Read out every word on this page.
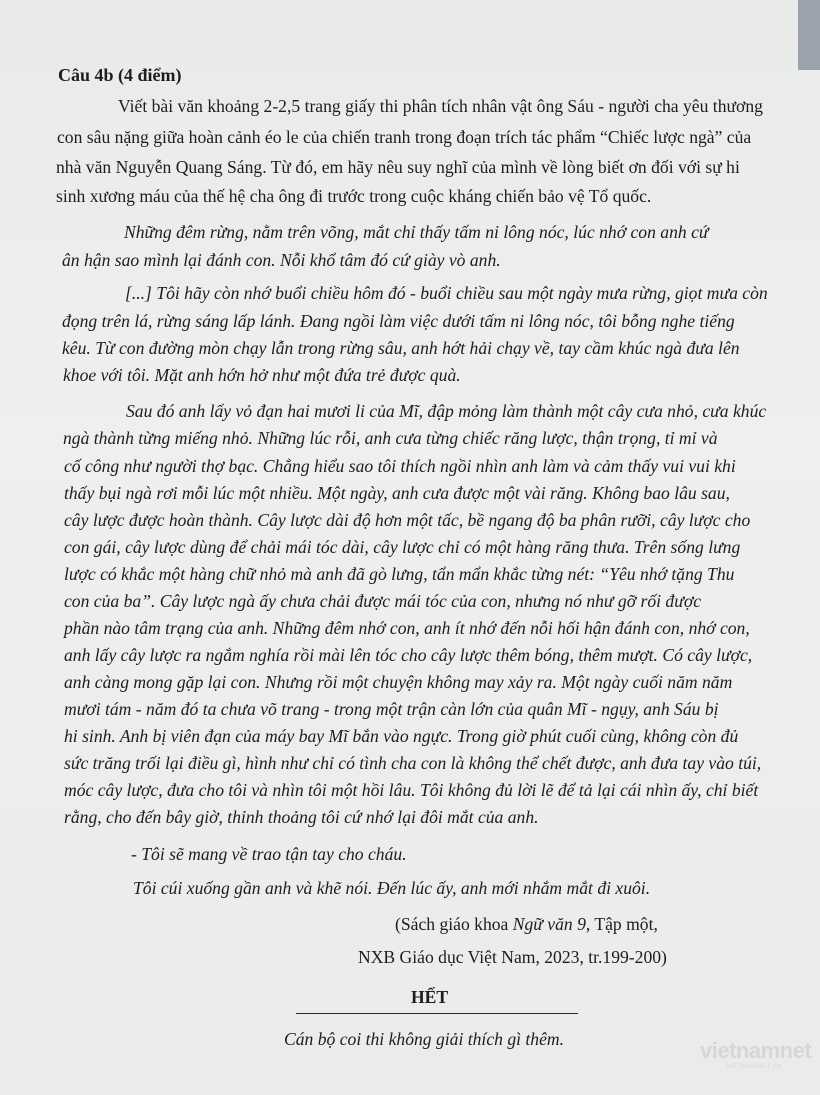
Câu 4b (4 điểm)
Viết bài văn khoảng 2-2,5 trang giấy thi phân tích nhân vật ông Sáu - người cha yêu thương
con sâu nặng giữa hoàn cảnh éo le của chiến tranh trong đoạn trích tác phẩm “Chiếc lược ngà” của
nhà văn Nguyễn Quang Sáng. Từ đó, em hãy nêu suy nghĩ của mình về lòng biết ơn đối với sự hi
sinh xương máu của thế hệ cha ông đi trước trong cuộc kháng chiến bảo vệ Tổ quốc.
Những đêm rừng, nằm trên võng, mắt chỉ thấy tấm ni lông nóc, lúc nhớ con anh cứ
ân hận sao mình lại đánh con. Nỗi khổ tâm đó cứ giày vò anh.
[...] Tôi hãy còn nhớ buổi chiều hôm đó - buổi chiều sau một ngày mưa rừng, giọt mưa còn
đọng trên lá, rừng sáng lấp lánh. Đang ngồi làm việc dưới tấm ni lông nóc, tôi bỗng nghe tiếng
kêu. Từ con đường mòn chạy lẫn trong rừng sâu, anh hớt hải chạy về, tay cầm khúc ngà đưa lên
khoe với tôi. Mặt anh hớn hở như một đứa trẻ được quà.
Sau đó anh lấy vỏ đạn hai mươi li của Mĩ, đập mỏng làm thành một cây cưa nhỏ, cưa khúc
ngà thành từng miếng nhỏ. Những lúc rỗi, anh cưa từng chiếc răng lược, thận trọng, tỉ mỉ và
cố công như người thợ bạc. Chẳng hiểu sao tôi thích ngồi nhìn anh làm và cảm thấy vui vui khi
thấy bụi ngà rơi mỗi lúc một nhiều. Một ngày, anh cưa được một vài răng. Không bao lâu sau,
cây lược được hoàn thành. Cây lược dài độ hơn một tấc, bề ngang độ ba phân rưỡi, cây lược cho
con gái, cây lược dùng để chải mái tóc dài, cây lược chỉ có một hàng răng thưa. Trên sống lưng
lược có khắc một hàng chữ nhỏ mà anh đã gò lưng, tẩn mẩn khắc từng nét: “Yêu nhớ tặng Thu
con của ba”. Cây lược ngà ấy chưa chải được mái tóc của con, nhưng nó như gỡ rối được
phần nào tâm trạng của anh. Những đêm nhớ con, anh ít nhớ đến nỗi hối hận đánh con, nhớ con,
anh lấy cây lược ra ngắm nghía rồi mài lên tóc cho cây lược thêm bóng, thêm mượt. Có cây lược,
anh càng mong gặp lại con. Nhưng rồi một chuyện không may xảy ra. Một ngày cuối năm năm
mươi tám - năm đó ta chưa võ trang - trong một trận càn lớn của quân Mĩ - ngụy, anh Sáu bị
hi sinh. Anh bị viên đạn của máy bay Mĩ bắn vào ngực. Trong giờ phút cuối cùng, không còn đủ
sức trăng trối lại điều gì, hình như chỉ có tình cha con là không thể chết được, anh đưa tay vào túi,
móc cây lược, đưa cho tôi và nhìn tôi một hồi lâu. Tôi không đủ lời lẽ để tả lại cái nhìn ấy, chỉ biết
rằng, cho đến bây giờ, thỉnh thoảng tôi cứ nhớ lại đôi mắt của anh.
- Tôi sẽ mang về trao tận tay cho cháu.
Tôi cúi xuống gần anh và khẽ nói. Đến lúc ấy, anh mới nhắm mắt đi xuôi.
(Sách giáo khoa Ngữ văn 9, Tập một,
NXB Giáo dục Việt Nam, 2023, tr.199-200)
HẾT
Cán bộ coi thi không giải thích gì thêm.	vietnamnet
VIETNAMNET.VN
